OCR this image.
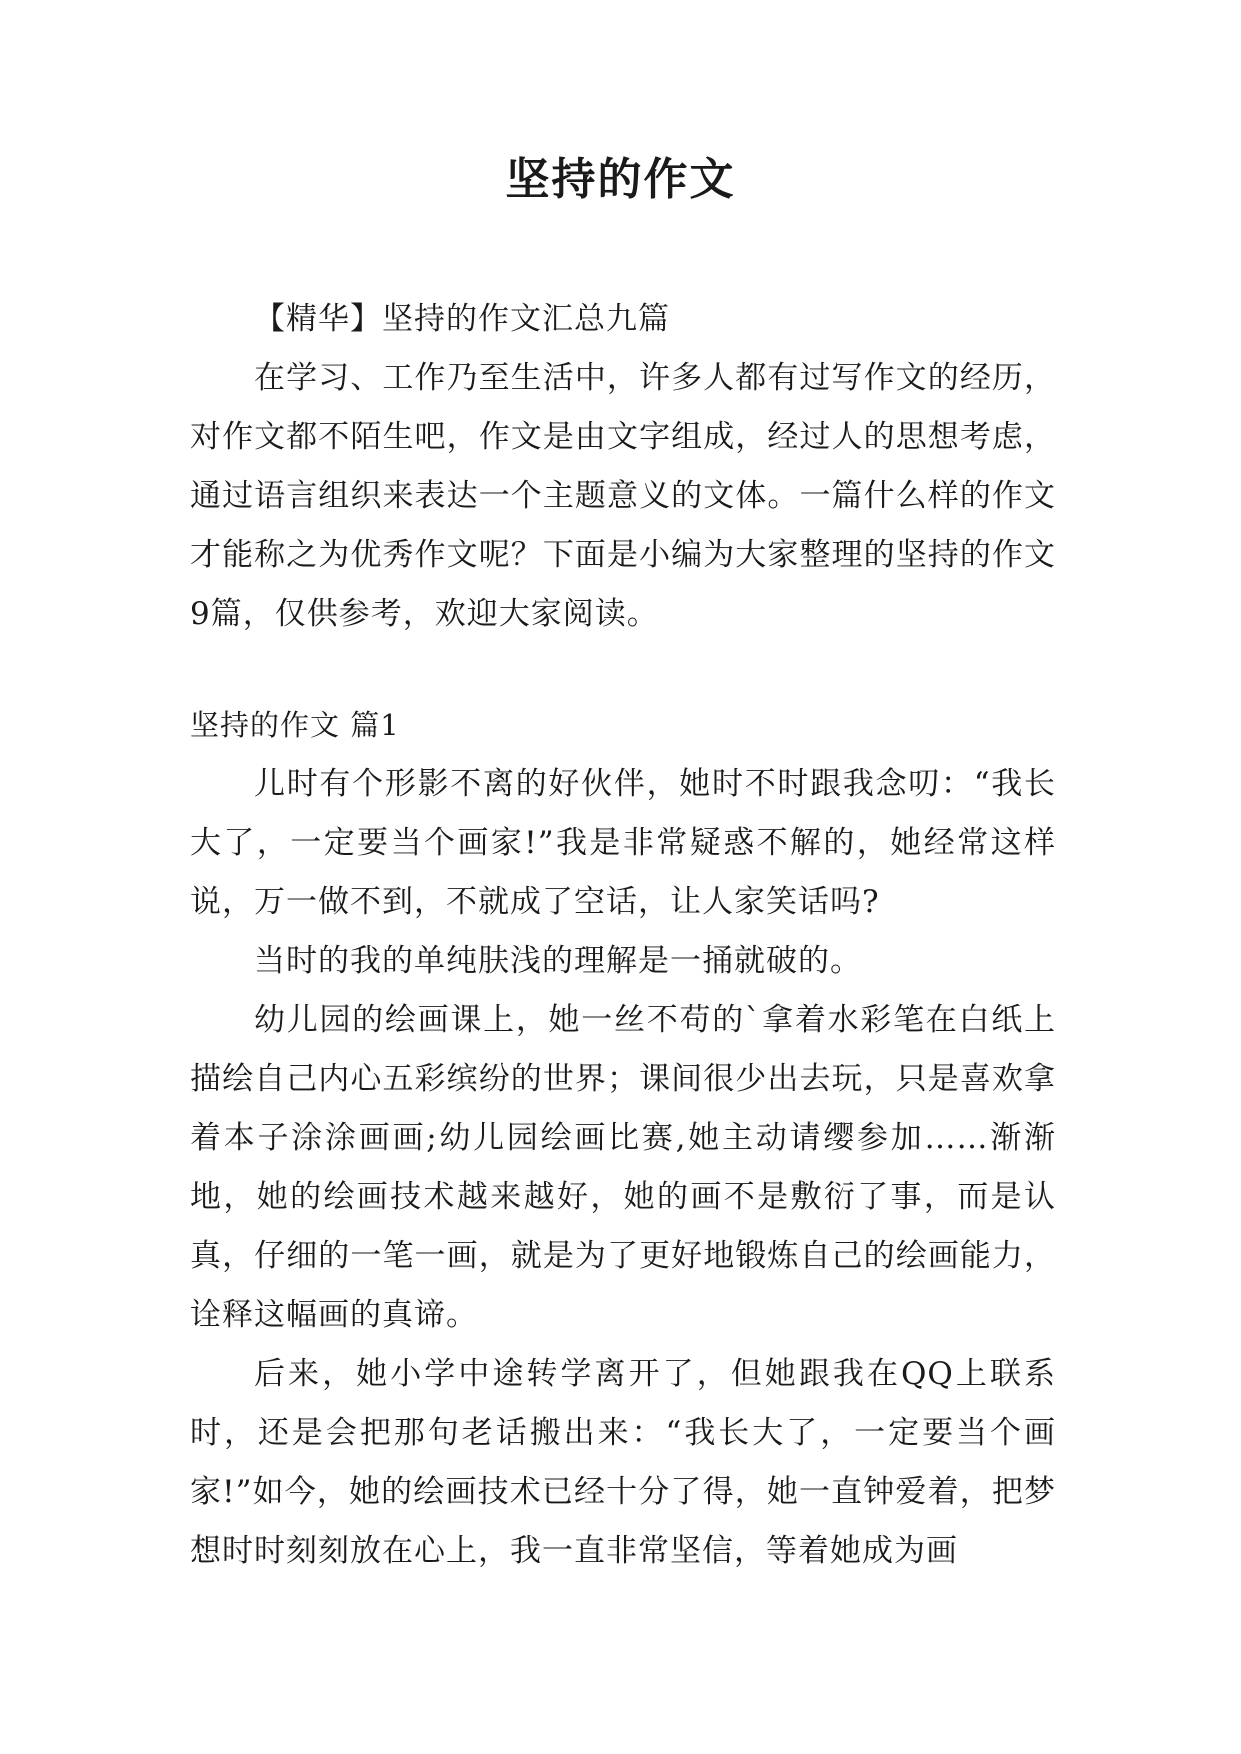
坚持的作文

【精华】坚持的作文汇总九篇

在学习、工作乃至生活中，许多人都有过写作文的经历，对作文都不陌生吧，作文是由文字组成，经过人的思想考虑，通过语言组织来表达一个主题意义的文体。一篇什么样的作文才能称之为优秀作文呢？下面是小编为大家整理的坚持的作文9篇，仅供参考，欢迎大家阅读。

坚持的作文 篇1

儿时有个形影不离的好伙伴，她时不时跟我念叨：“我长大了，一定要当个画家!”我是非常疑惑不解的，她经常这样说，万一做不到，不就成了空话，让人家笑话吗?

当时的我的单纯肤浅的理解是一捅就破的。

幼儿园的绘画课上，她一丝不苟的`拿着水彩笔在白纸上描绘自己内心五彩缤纷的世界；课间很少出去玩，只是喜欢拿着本子涂涂画画;幼儿园绘画比赛,她主动请缨参加……渐渐地，她的绘画技术越来越好，她的画不是敷衍了事，而是认真，仔细的一笔一画，就是为了更好地锻炼自己的绘画能力，诠释这幅画的真谛。

后来，她小学中途转学离开了，但她跟我在QQ上联系时，还是会把那句老话搬出来：“我长大了，一定要当个画家!”如今，她的绘画技术已经十分了得，她一直钟爱着，把梦想时时刻刻放在心上，我一直非常坚信，等着她成为画
